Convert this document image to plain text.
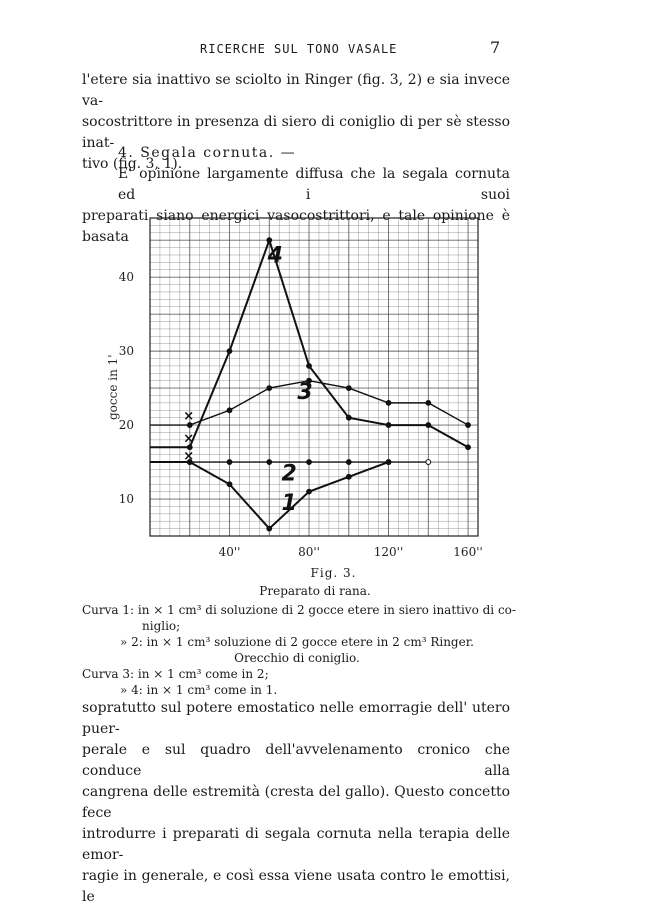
RICERCHE SUL TONO VASALE	7
l'etere sia inattivo se sciolto in Ringer (fig. 3, 2) e sia invece va-
socostrittore in presenza di siero di coniglio di per sè stesso inat-
tivo (fig. 3, 1).
4. Segala cornuta. —
E' opinione largamente diffusa che la segala cornuta ed i suoi
preparati siano energici vasocostrittori, e tale opinione è basata
1
2
3
4
×
×
×
40''	80''	120''	160''
10
20
30
40
gocce in 1'
Fig. 3.
Preparato di rana.
Curva 1: in ⨯ 1 cm³ di soluzione di 2 gocce etere in siero inattivo di co-
niglio;
» 2: in ⨯ 1 cm³ soluzione di 2 gocce etere in 2 cm³ Ringer.
Orecchio di coniglio.
Curva 3: in ⨯ 1 cm³ come in 2;
» 4: in ⨯ 1 cm³ come in 1.
sopratutto sul potere emostatico nelle emorragie dell' utero puer-
perale e sul quadro dell'avvelenamento cronico che conduce alla
cangrena delle estremità (cresta del gallo). Questo concetto fece
introdurre i preparati di segala cornuta nella terapia delle emor-
ragie in generale, e così essa viene usata contro le emottisi, le
